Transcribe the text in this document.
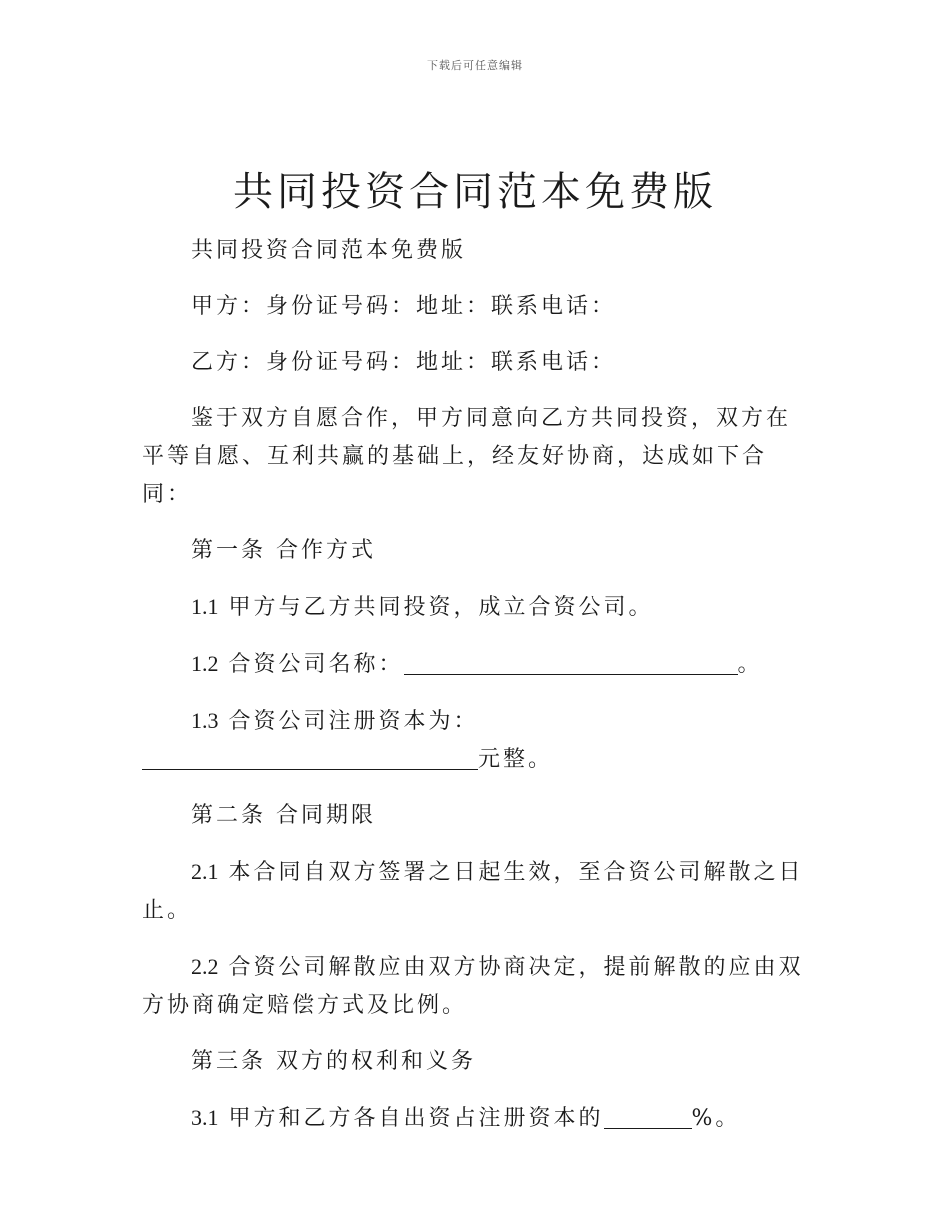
下载后可任意编辑
共同投资合同范本免费版

共同投资合同范本免费版

甲方：身份证号码：地址：联系电话：

乙方：身份证号码：地址：联系电话：

鉴于双方自愿合作，甲方同意向乙方共同投资，双方在平等自愿、互利共赢的基础上，经友好协商，达成如下合同：

第一条 合作方式

1.1 甲方与乙方共同投资，成立合资公司。

1.2 合资公司名称：	。

1.3 合资公司注册资本为：元整。

第二条 合同期限

2.1 本合同自双方签署之日起生效，至合资公司解散之日止。

2.2 合资公司解散应由双方协商决定，提前解散的应由双方协商确定赔偿方式及比例。

第三条 双方的权利和义务

3.1 甲方和乙方各自出资占注册资本的	%。
